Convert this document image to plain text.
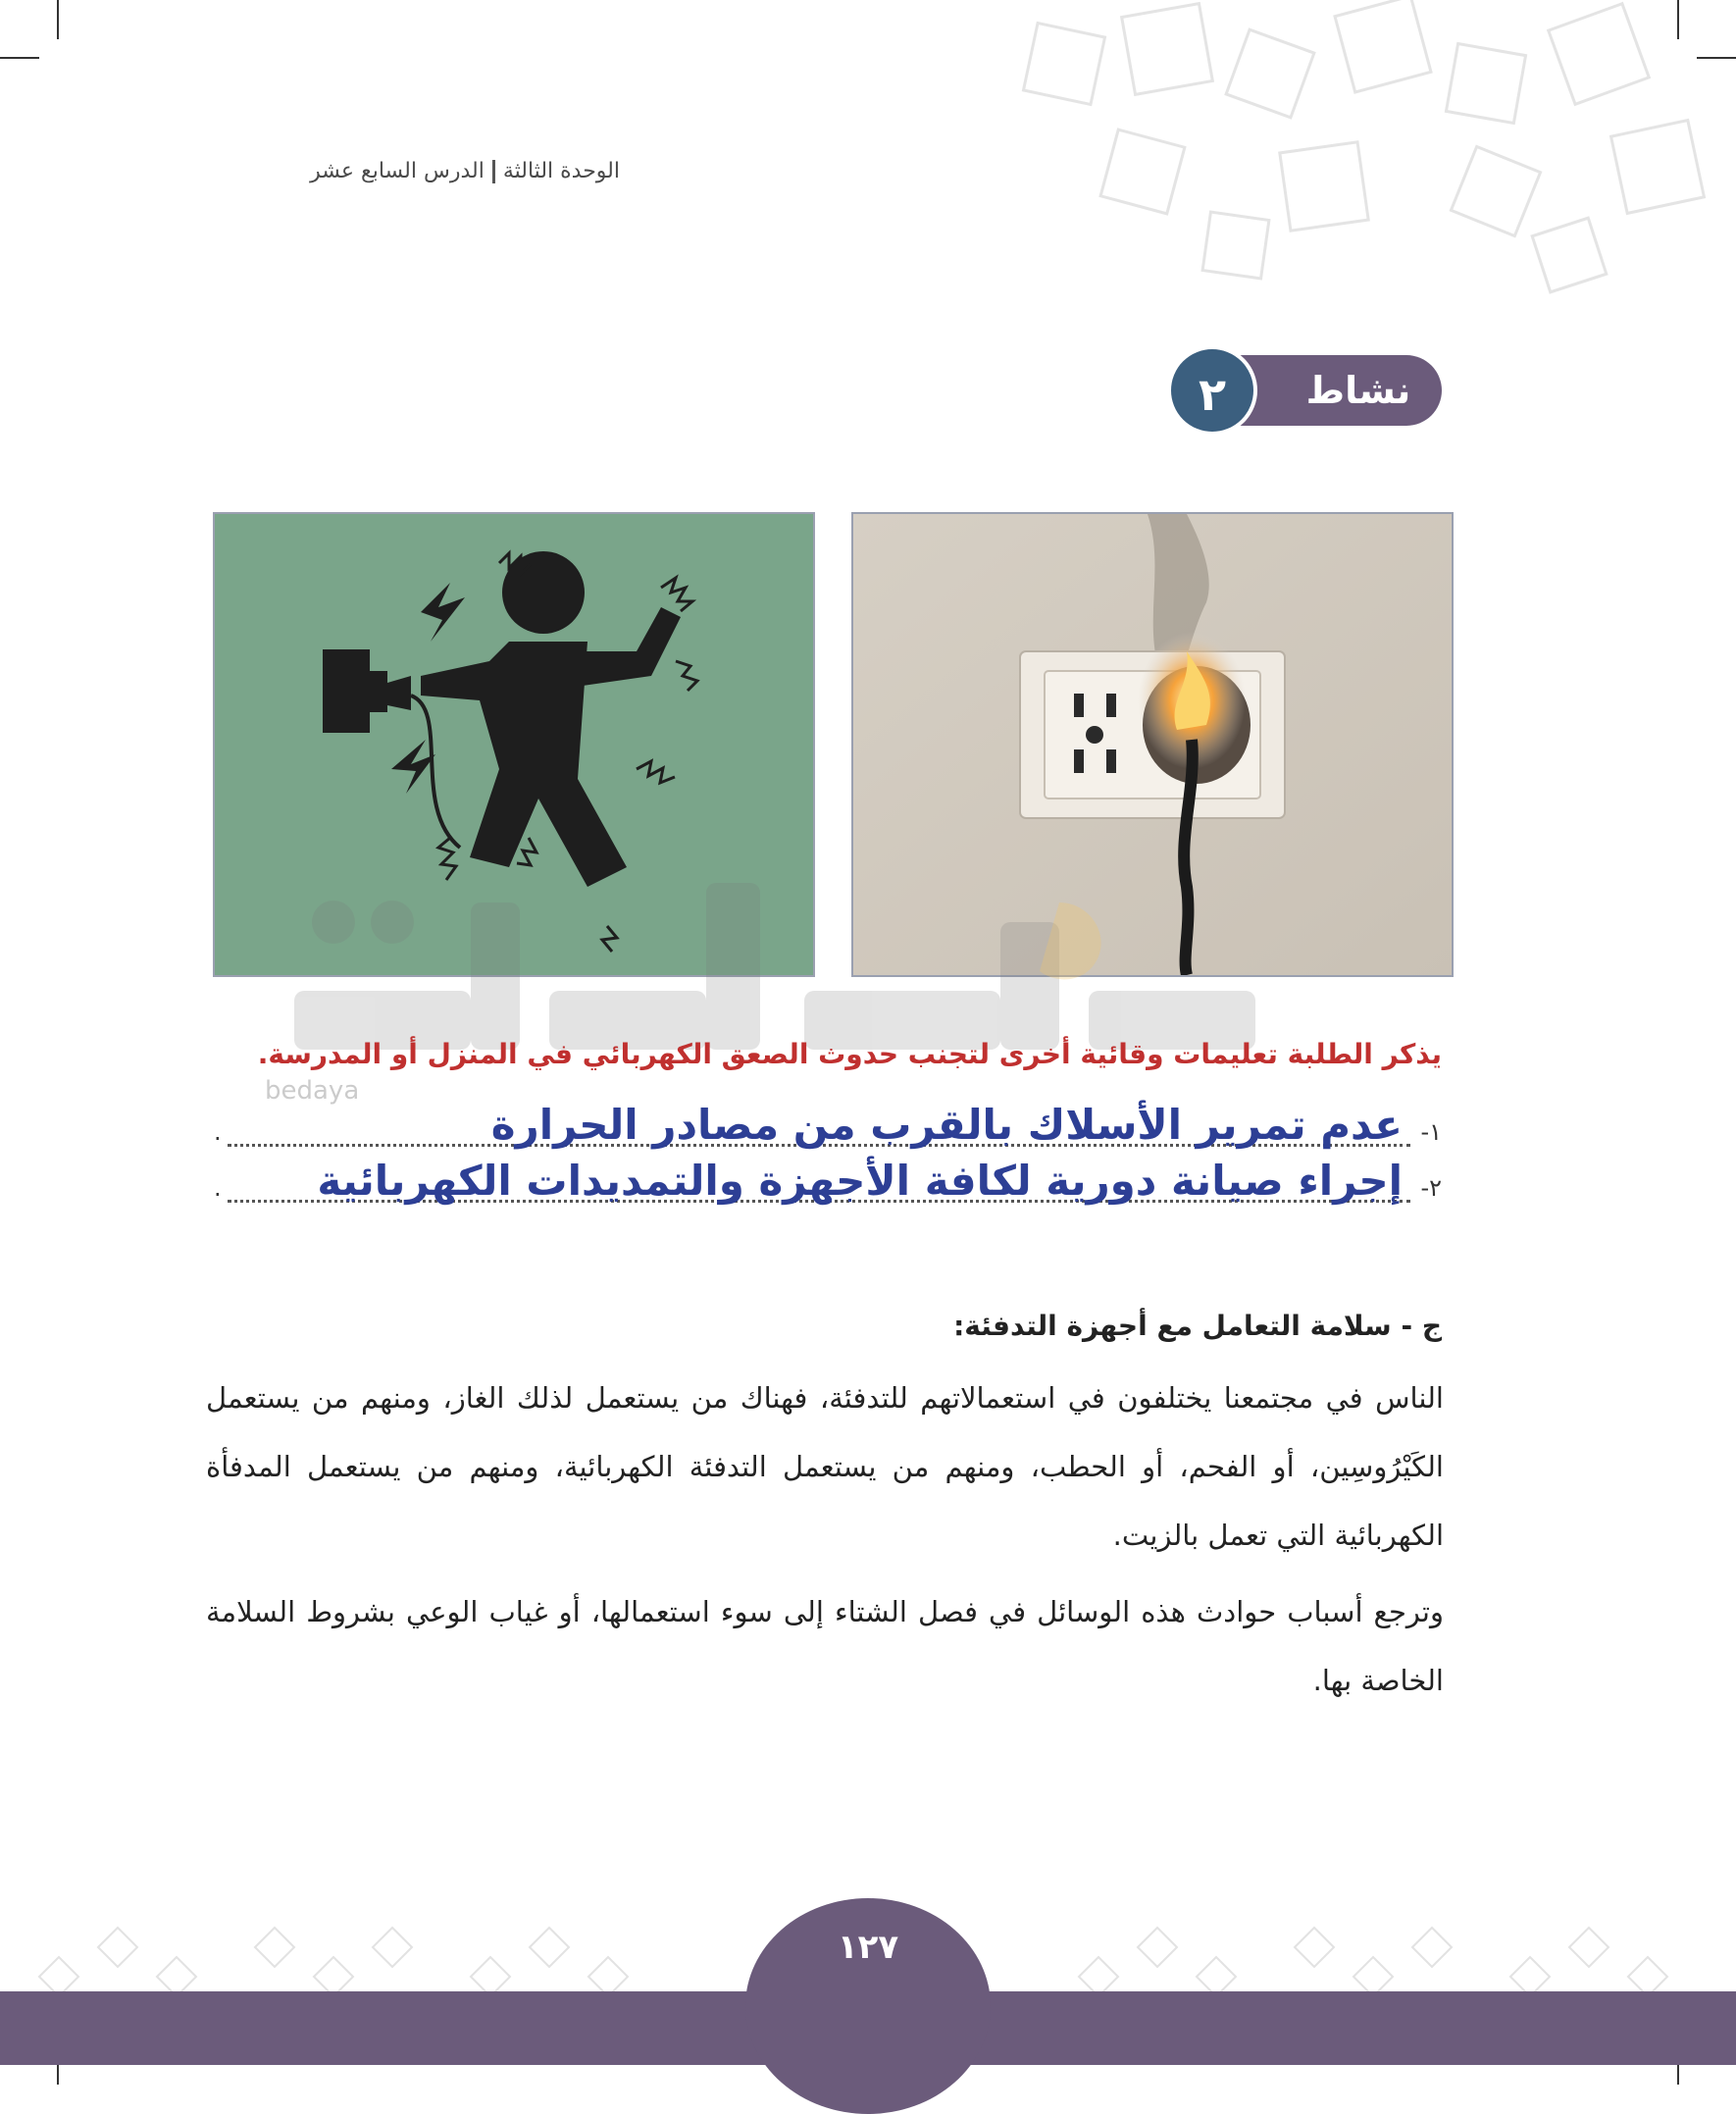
الوحدة الثالثةالدرس السابع عشر
نشاط
٢
bedaya
يذكر الطلبة تعليمات وقائية أخرى لتجنب حدوث الصعق الكهربائي في المنزل أو المدرسة.
١-
.	عدم تمرير الأسلاك بالقرب من مصادر الحرارة
٢-
. إجراء صيانة دورية لكافة الأجهزة والتمديدات الكهربائية
ج - سلامة التعامل مع أجهزة التدفئة:
الناس في مجتمعنا يختلفون في استعمالاتهم للتدفئة، فهناك من يستعمل لذلك الغاز، ومنهم من يستعمل الكَيْرُوسِين، أو الفحم، أو الحطب، ومنهم من يستعمل التدفئة الكهربائية، ومنهم من يستعمل المدفأة الكهربائية التي تعمل بالزيت.
وترجع أسباب حوادث هذه الوسائل في فصل الشتاء إلى سوء استعمالها، أو غياب الوعي بشروط السلامة الخاصة بها.
١٢٧
